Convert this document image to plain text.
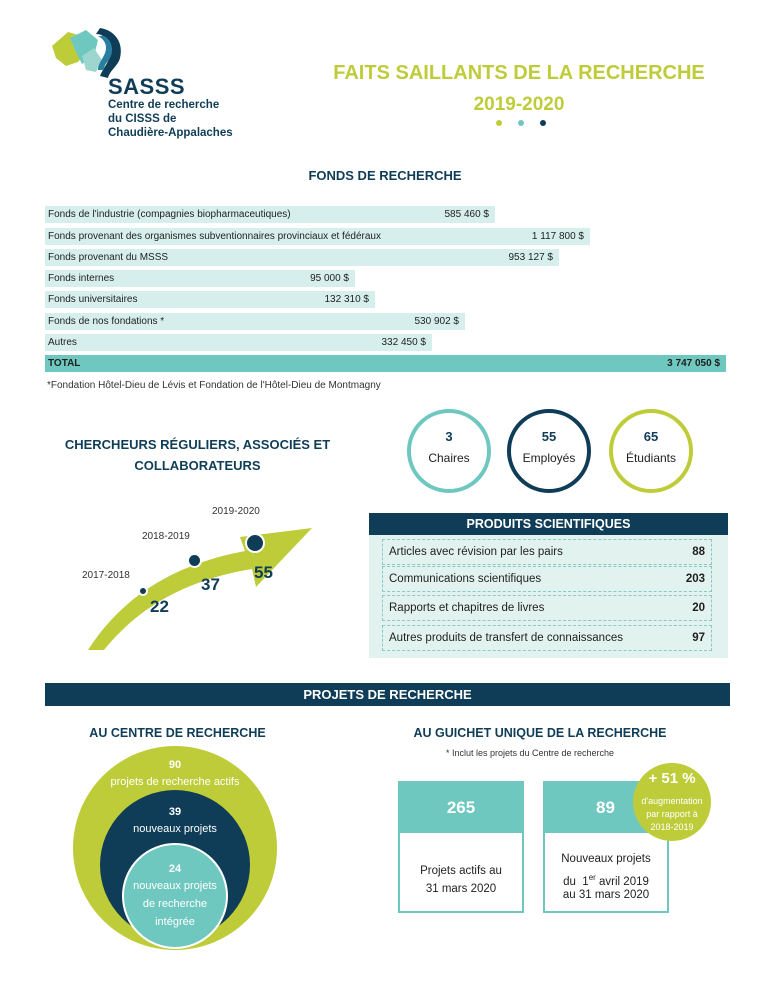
SASSS
Centre de recherche
du CISSS de
Chaudière-Appalaches
FAITS SAILLANTS DE LA RECHERCHE
2019-2020
FONDS DE RECHERCHE
Fonds de l'industrie (compagnies biopharmaceutiques)	585 460 $
Fonds provenant des organismes subventionnaires provinciaux et fédéraux	1 117 800 $
Fonds provenant du MSSS	953 127 $
Fonds internes	95 000 $
Fonds universitaires	132 310 $
Fonds de nos fondations *	530 902 $
Autres	332 450 $
TOTAL	3 747 050 $
*Fondation Hôtel-Dieu de Lévis et Fondation de l'Hôtel-Dieu de Montmagny
CHERCHEURS RÉGULIERS, ASSOCIÉS ET COLLABORATEURS
2017-2018
2018-2019
2019-2020
22
37
55
3
Chaires
55
Employés
65
Étudiants
PRODUITS SCIENTIFIQUES
Articles avec révision par les pairs	88
Communications scientifiques	203
Rapports et chapitres de livres	20
Autres produits de transfert de connaissances	97
PROJETS DE RECHERCHE
AU CENTRE DE RECHERCHE	AU GUICHET UNIQUE DE LA RECHERCHE
* Inclut les projets du Centre de recherche
90
projets de recherche actifs
39
nouveaux projets
24
nouveaux projets
de recherche
intégrée
265
Projets actifs au
31 mars 2020
89
Nouveaux projets
du 1er avril 2019
au 31 mars 2020
+ 51 %
d'augmentation
par rapport à
2018-2019
